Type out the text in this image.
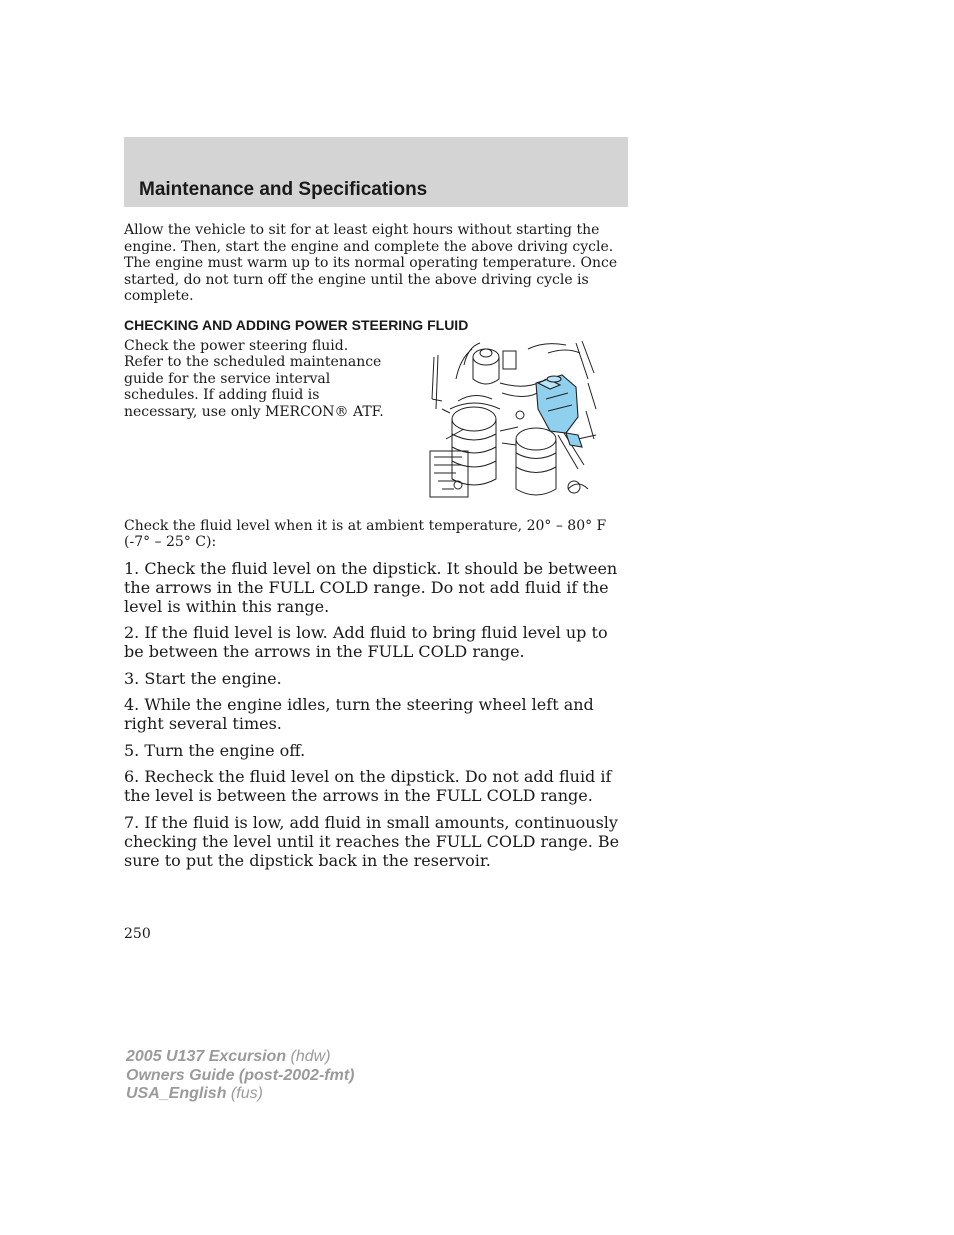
Maintenance and Specifications

Allow the vehicle to sit for at least eight hours without starting the engine. Then, start the engine and complete the above driving cycle. The engine must warm up to its normal operating temperature. Once started, do not turn off the engine until the above driving cycle is complete.

CHECKING AND ADDING POWER STEERING FLUID

Check the power steering fluid. Refer to the scheduled maintenance guide for the service interval schedules. If adding fluid is necessary, use only MERCON® ATF.

Check the fluid level when it is at ambient temperature, 20° – 80° F (-7° – 25° C):

1. Check the fluid level on the dipstick. It should be between the arrows in the FULL COLD range. Do not add fluid if the level is within this range.
2. If the fluid level is low. Add fluid to bring fluid level up to be between the arrows in the FULL COLD range.
3. Start the engine.
4. While the engine idles, turn the steering wheel left and right several times.
5. Turn the engine off.
6. Recheck the fluid level on the dipstick. Do not add fluid if the level is between the arrows in the FULL COLD range.
7. If the fluid is low, add fluid in small amounts, continuously checking the level until it reaches the FULL COLD range. Be sure to put the dipstick back in the reservoir.
250
2005 U137 Excursion (hdw)
Owners Guide (post-2002-fmt)
USA_English (fus)
